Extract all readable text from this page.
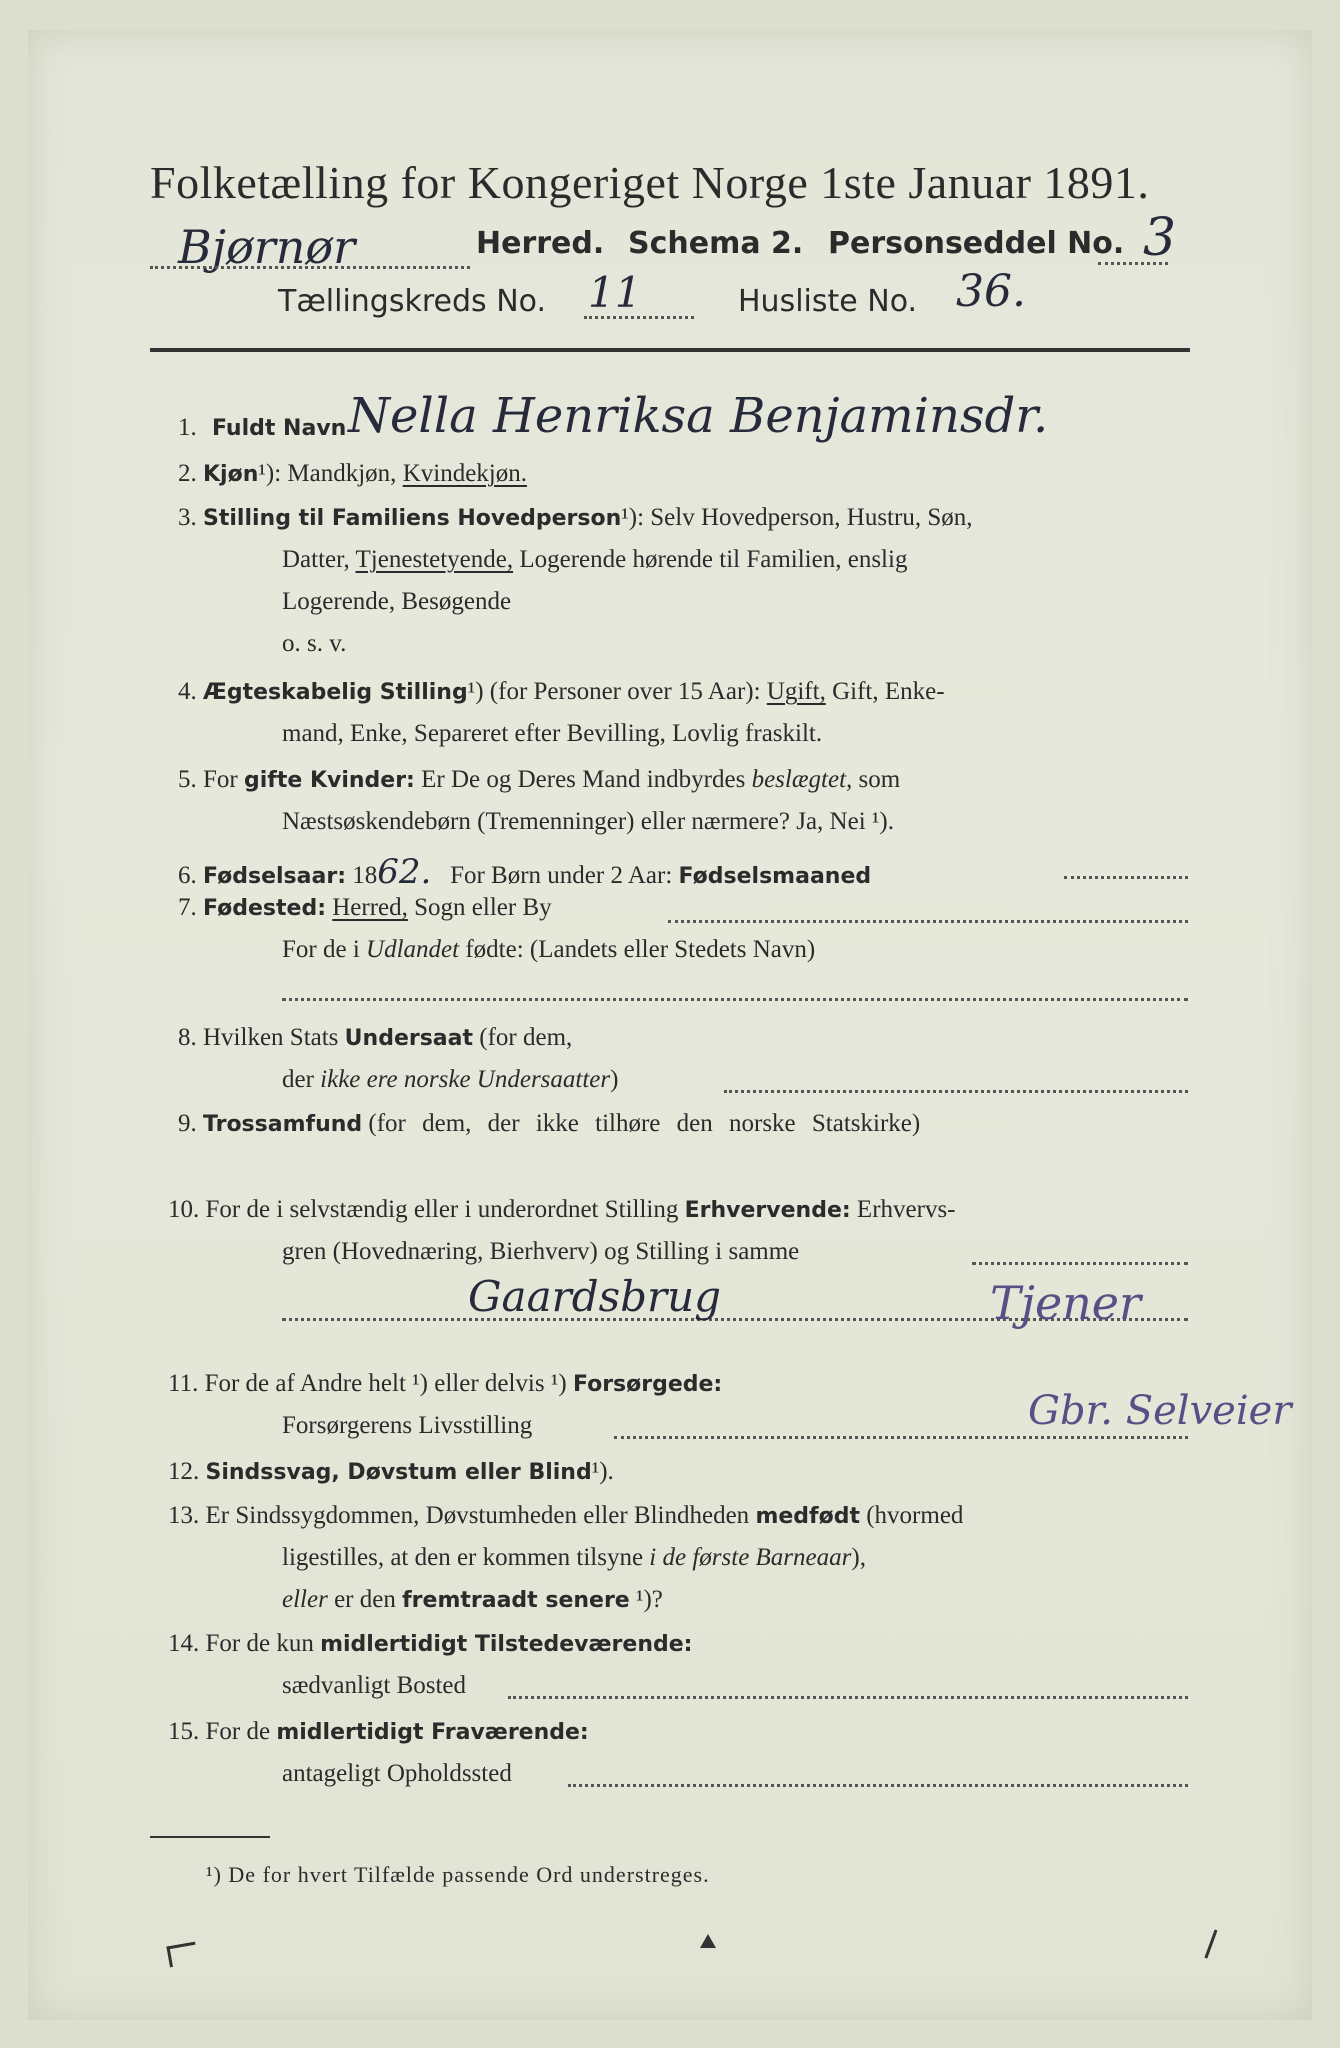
Folketælling for Kongeriget Norge 1ste Januar 1891.
Bjørnør	Herred. Schema 2. Personseddel No. 3
Tællingskreds No. 11	Husliste No. 36.
1. Fuldt Navn Nella Henriksa Benjaminsdr.
2. Kjøn¹): Mandkjøn, Kvindekjøn.
3. Stilling til Familiens Hovedperson¹): Selv Hovedperson, Hustru, Søn,
Datter, Tjenestetyende, Logerende hørende til Familien, enslig
Logerende, Besøgende
o. s. v.
4. Ægteskabelig Stilling¹) (for Personer over 15 Aar): Ugift, Gift, Enke-
mand, Enke, Separeret efter Bevilling, Lovlig fraskilt.
5. For gifte Kvinder: Er De og Deres Mand indbyrdes beslægtet, som
Næstsøskendebørn (Tremenninger) eller nærmere? Ja, Nei ¹).
6. Fødselsaar: 1862. For Børn under 2 Aar: Fødselsmaaned
7. Fødested: Herred, Sogn eller By
For de i Udlandet fødte: (Landets eller Stedets Navn)
8. Hvilken Stats Undersaat (for dem,
der ikke ere norske Undersaatter)
9. Trossamfund (for dem, der ikke tilhøre den norske Statskirke)
10. For de i selvstændig eller i underordnet Stilling Erhvervende: Erhvervs-
gren (Hovednæring, Bierhverv) og Stilling i samme
Gaardsbrug	Tjener
11. For de af Andre helt ¹) eller delvis ¹) Forsørgede:
Forsørgerens Livsstilling	Gbr. Selveier
12. Sindssvag, Døvstum eller Blind¹).
13. Er Sindssygdommen, Døvstumheden eller Blindheden medfødt (hvormed
ligestilles, at den er kommen tilsyne i de første Barneaar),
eller er den fremtraadt senere ¹)?
14. For de kun midlertidigt Tilstedeværende:
sædvanligt Bosted
15. For de midlertidigt Fraværende:
antageligt Opholdssted
¹) De for hvert Tilfælde passende Ord understreges.
